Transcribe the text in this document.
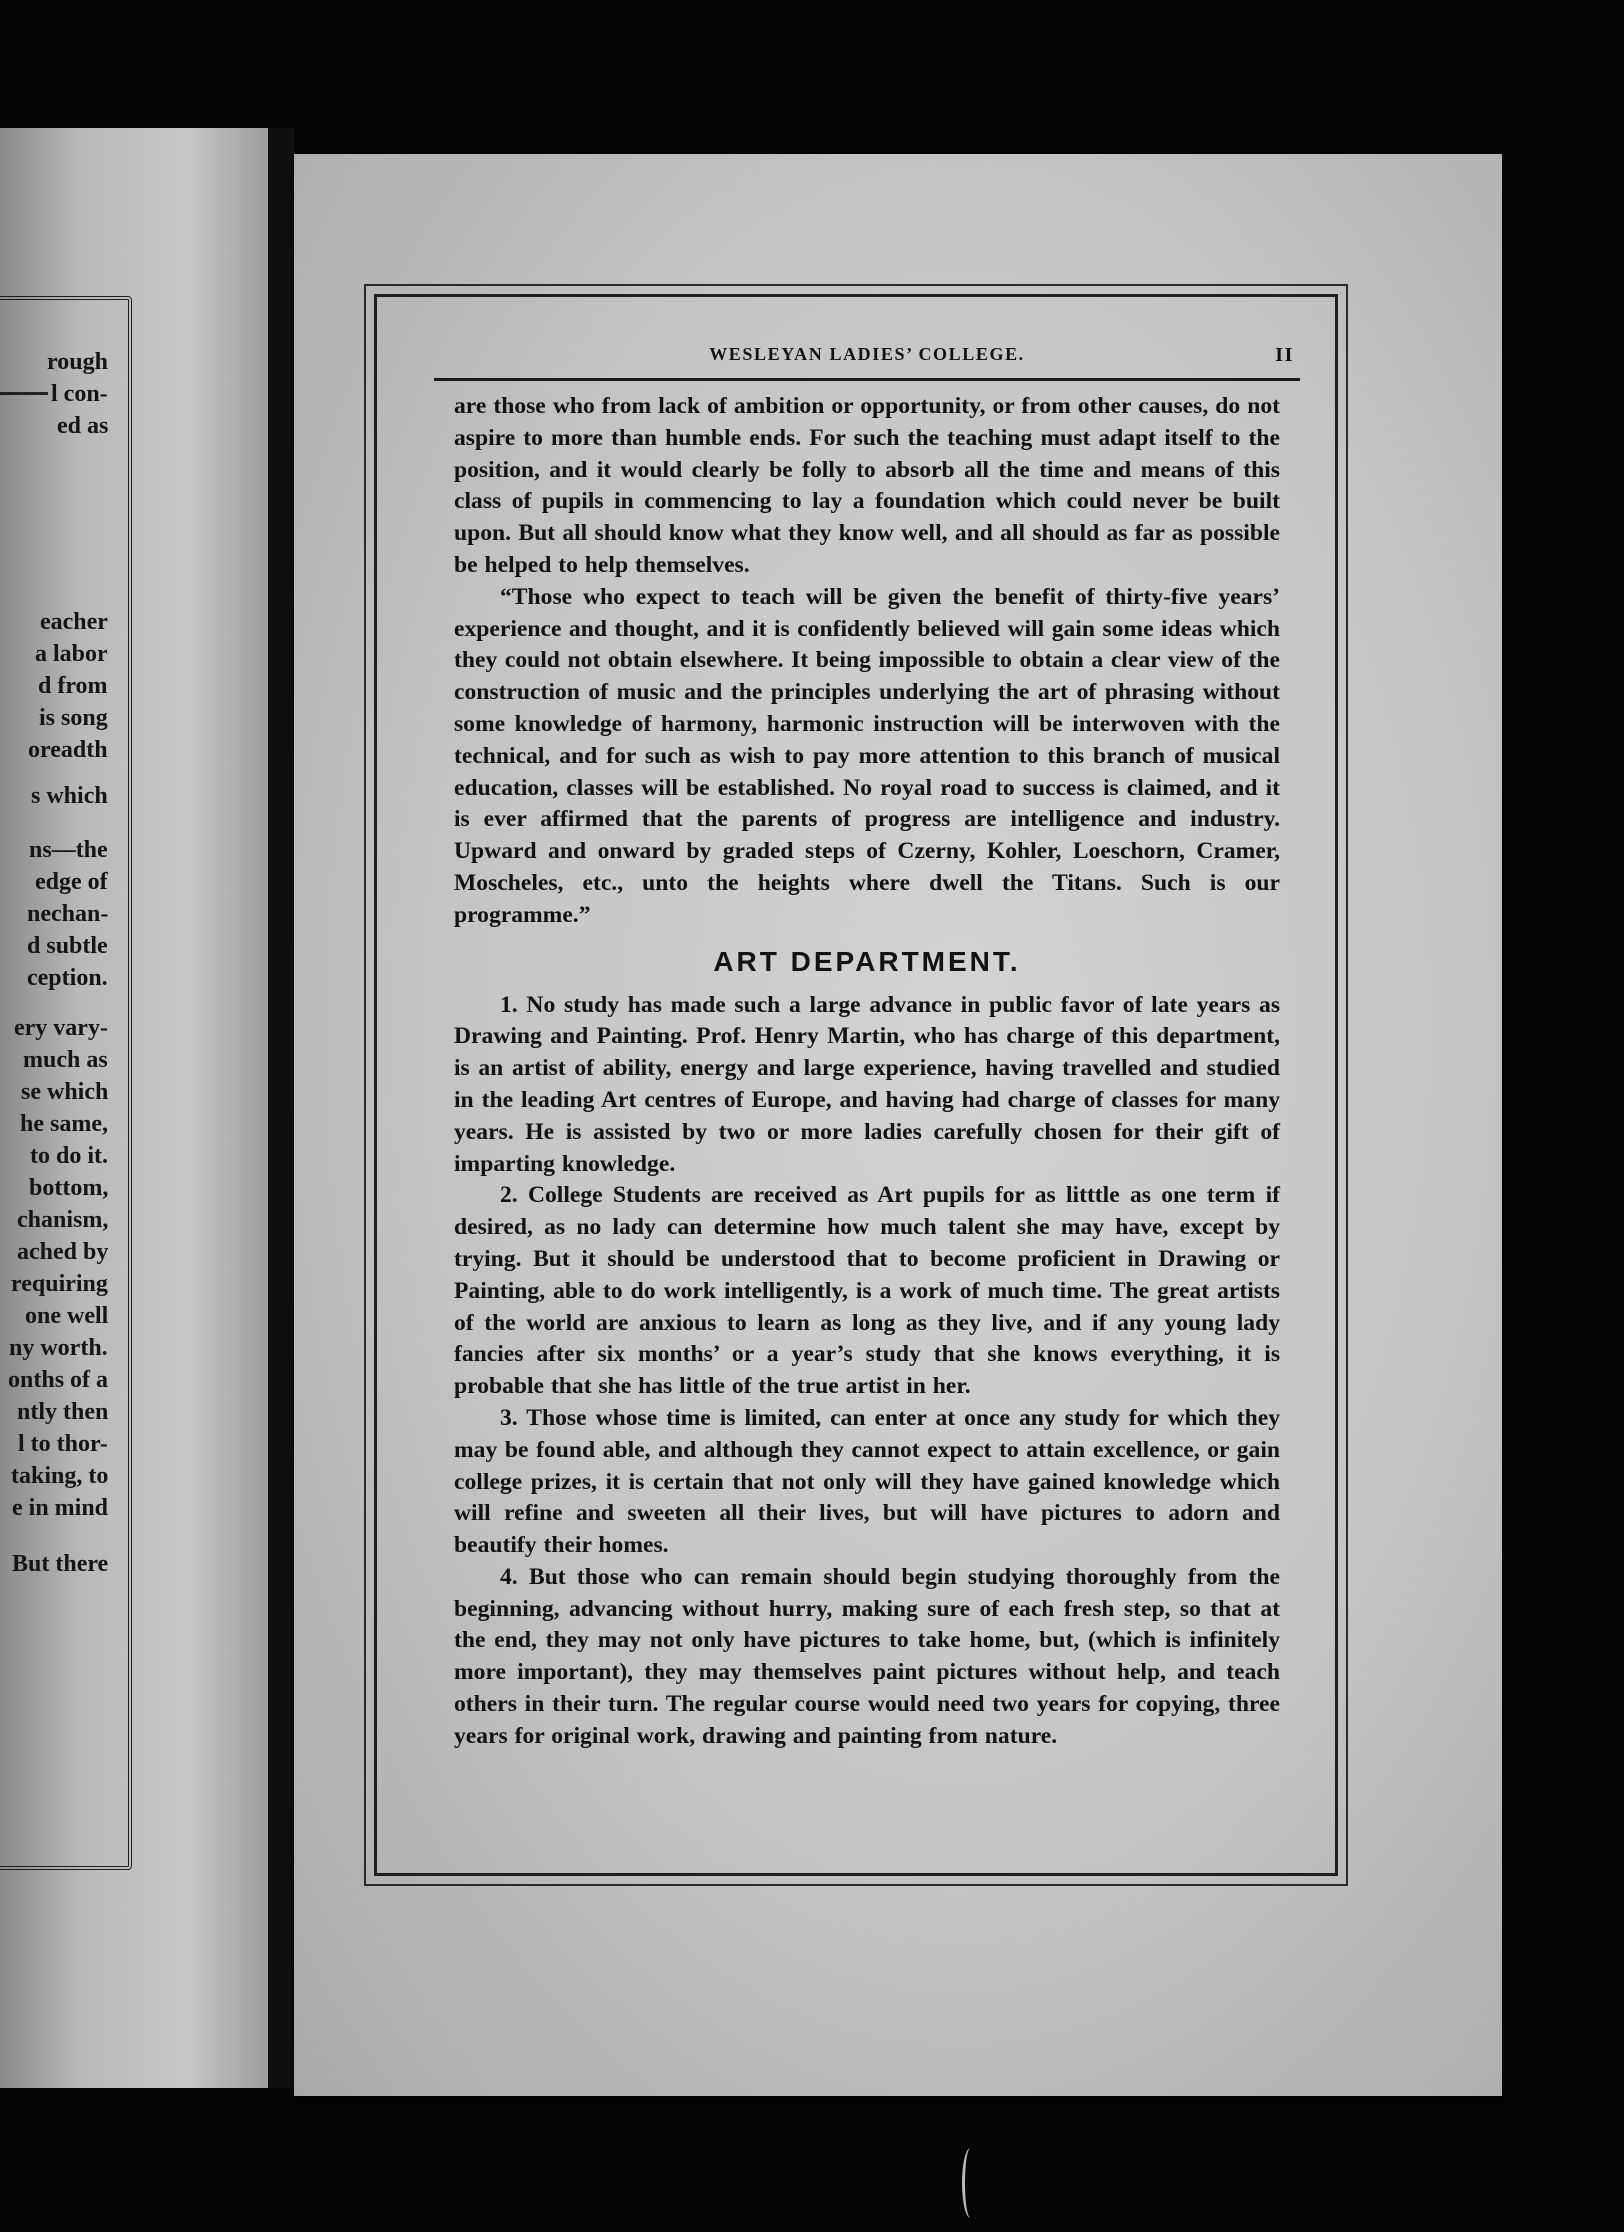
rough
l con-
ed as
eacher
a labor
d from
is song
oreadth
s which
ns—the
edge of
nechan-
d subtle
ception.
ery vary-
much as
se which
he same,
to do it.
bottom,
chanism,
ached by
requiring
one well
ny worth.
onths of a
ntly then
l to thor-
taking, to
e in mind
But there
WESLEYAN LADIES’ COLLEGE.	II

are those who from lack of ambition or opportunity, or from other causes, do not aspire to more than humble ends. For such the teaching must adapt itself to the position, and it would clearly be folly to absorb all the time and means of this class of pupils in commencing to lay a foundation which could never be built upon. But all should know what they know well, and all should as far as possible be helped to help themselves.

“Those who expect to teach will be given the benefit of thirty-five years’ experience and thought, and it is confidently believed will gain some ideas which they could not obtain elsewhere. It being impossible to obtain a clear view of the construction of music and the principles underlying the art of phrasing without some knowledge of harmony, harmonic instruction will be interwoven with the technical, and for such as wish to pay more attention to this branch of musical education, classes will be established. No royal road to success is claimed, and it is ever affirmed that the parents of progress are intelligence and industry. Upward and onward by graded steps of Czerny, Kohler, Loeschorn, Cramer, Moscheles, etc., unto the heights where dwell the Titans. Such is our programme.”

ART DEPARTMENT.

1. No study has made such a large advance in public favor of late years as Drawing and Painting. Prof. Henry Martin, who has charge of this department, is an artist of ability, energy and large experience, having travelled and studied in the leading Art centres of Europe, and having had charge of classes for many years. He is assisted by two or more ladies carefully chosen for their gift of imparting knowledge.

2. College Students are received as Art pupils for as litttle as one term if desired, as no lady can determine how much talent she may have, except by trying. But it should be understood that to become proficient in Drawing or Painting, able to do work intelligently, is a work of much time. The great artists of the world are anxious to learn as long as they live, and if any young lady fancies after six months’ or a year’s study that she knows everything, it is probable that she has little of the true artist in her.

3. Those whose time is limited, can enter at once any study for which they may be found able, and although they cannot expect to attain excellence, or gain college prizes, it is certain that not only will they have gained knowledge which will refine and sweeten all their lives, but will have pictures to adorn and beautify their homes.

4. But those who can remain should begin studying thoroughly from the beginning, advancing without hurry, making sure of each fresh step, so that at the end, they may not only have pictures to take home, but, (which is infinitely more important), they may themselves paint pictures without help, and teach others in their turn. The regular course would need two years for copying, three years for original work, drawing and painting from nature.
